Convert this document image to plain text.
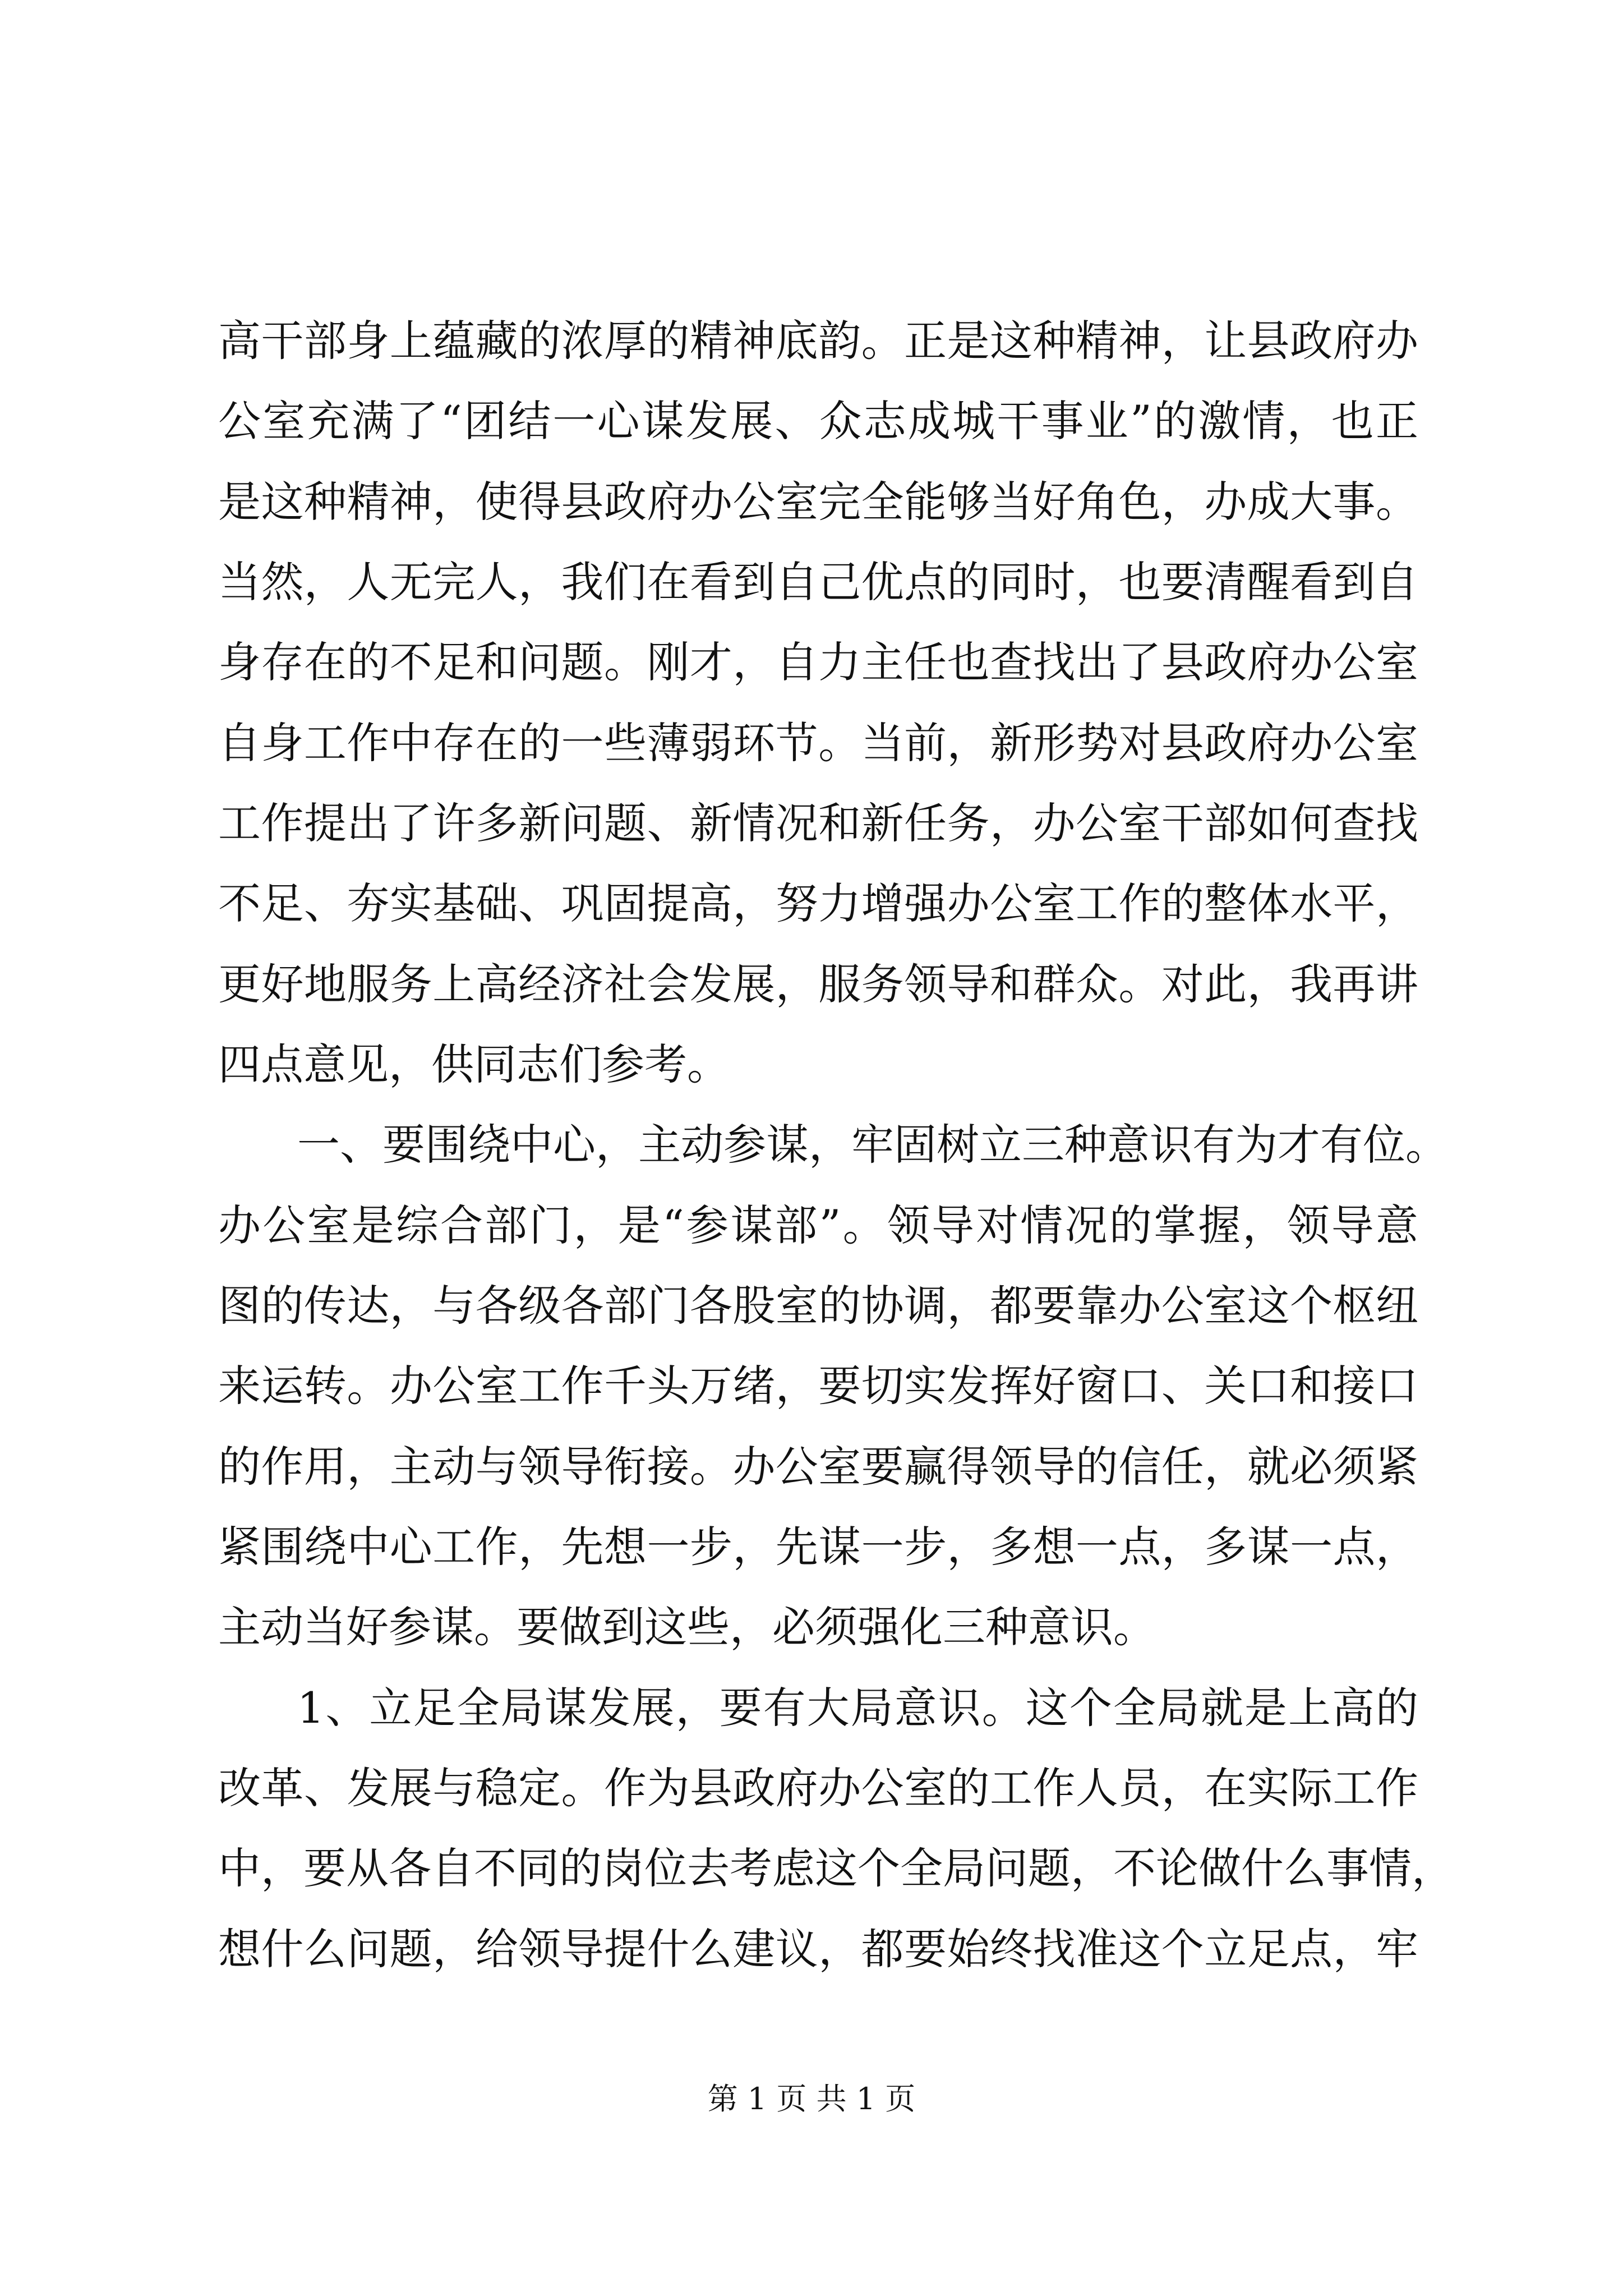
高干部身上蕴藏的浓厚的精神底韵。正是这种精神，让县政府办
公室充满了“团结一心谋发展、众志成城干事业”的激情，也正
是这种精神，使得县政府办公室完全能够当好角色，办成大事。
当然，人无完人，我们在看到自己优点的同时，也要清醒看到自
身存在的不足和问题。刚才，自力主任也查找出了县政府办公室
自身工作中存在的一些薄弱环节。当前，新形势对县政府办公室
工作提出了许多新问题、新情况和新任务，办公室干部如何查找
不足、夯实基础、巩固提高，努力增强办公室工作的整体水平，
更好地服务上高经济社会发展，服务领导和群众。对此，我再讲
四点意见，供同志们参考。
一、要围绕中心，主动参谋，牢固树立三种意识有为才有位。
办公室是综合部门，是“参谋部”。领导对情况的掌握，领导意
图的传达，与各级各部门各股室的协调，都要靠办公室这个枢纽
来运转。办公室工作千头万绪，要切实发挥好窗口、关口和接口
的作用，主动与领导衔接。办公室要赢得领导的信任，就必须紧
紧围绕中心工作，先想一步，先谋一步，多想一点，多谋一点，
主动当好参谋。要做到这些，必须强化三种意识。
1、立足全局谋发展，要有大局意识。这个全局就是上高的
改革、发展与稳定。作为县政府办公室的工作人员，在实际工作
中，要从各自不同的岗位去考虑这个全局问题，不论做什么事情，
想什么问题，给领导提什么建议，都要始终找准这个立足点，牢
第 1 页 共 1 页
